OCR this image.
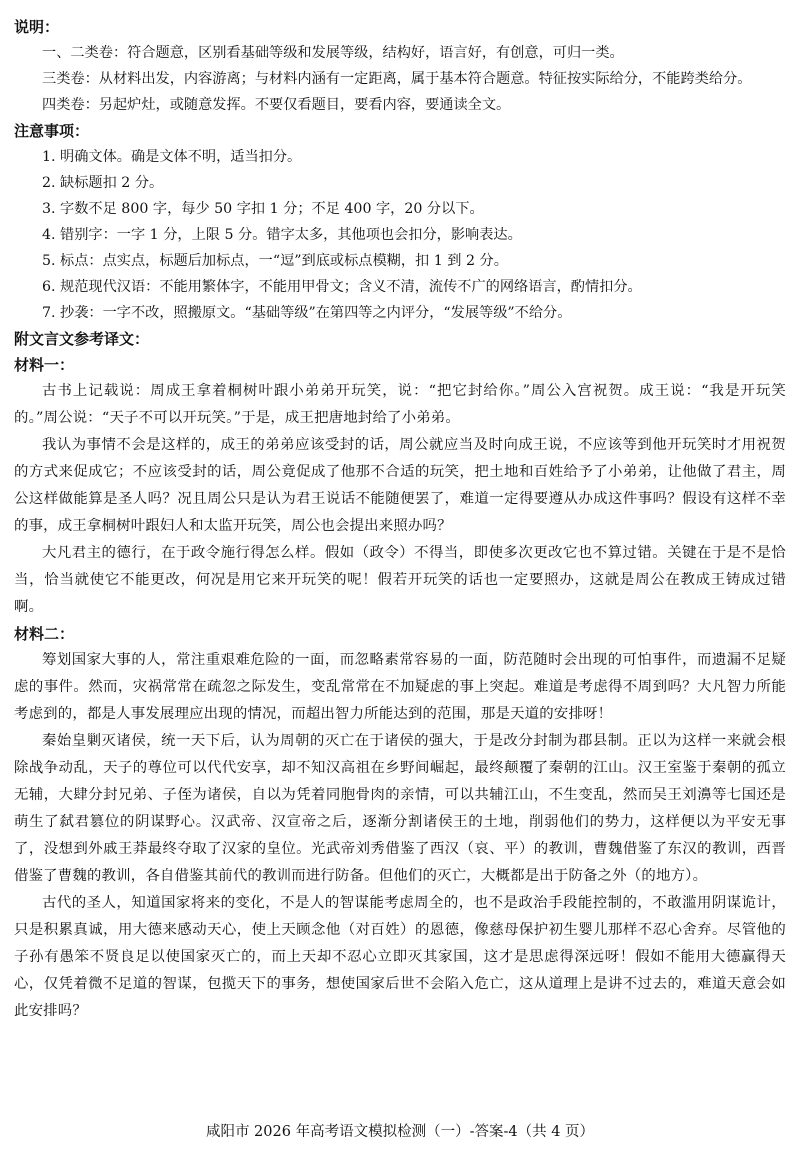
说明：

一、二类卷：符合题意，区别看基础等级和发展等级，结构好，语言好，有创意，可归一类。

三类卷：从材料出发，内容游离；与材料内涵有一定距离，属于基本符合题意。特征按实际给分，不能跨类给分。

四类卷：另起炉灶，或随意发挥。不要仅看题目，要看内容，要通读全文。

注意事项：

1. 明确文体。确是文体不明，适当扣分。

2. 缺标题扣 2 分。

3. 字数不足 800 字，每少 50 字扣 1 分；不足 400 字，20 分以下。

4. 错别字：一字 1 分，上限 5 分。错字太多，其他项也会扣分，影响表达。

5. 标点：点实点，标题后加标点，一“逗”到底或标点模糊，扣 1 到 2 分。

6. 规范现代汉语：不能用繁体字，不能用甲骨文；含义不清，流传不广的网络语言，酌情扣分。

7. 抄袭：一字不改，照搬原文。“基础等级”在第四等之内评分，“发展等级”不给分。

附文言文参考译文：

材料一：

古书上记载说：周成王拿着桐树叶跟小弟弟开玩笑，说：“把它封给你。”周公入宫祝贺。成王说：“我是开玩笑的。”周公说：“天子不可以开玩笑。”于是，成王把唐地封给了小弟弟。

我认为事情不会是这样的，成王的弟弟应该受封的话，周公就应当及时向成王说，不应该等到他开玩笑时才用祝贺的方式来促成它；不应该受封的话，周公竟促成了他那不合适的玩笑，把土地和百姓给予了小弟弟，让他做了君主，周公这样做能算是圣人吗？况且周公只是认为君王说话不能随便罢了，难道一定得要遵从办成这件事吗？假设有这样不幸的事，成王拿桐树叶跟妇人和太监开玩笑，周公也会提出来照办吗？

大凡君主的德行，在于政令施行得怎么样。假如（政令）不得当，即使多次更改它也不算过错。关键在于是不是恰当，恰当就使它不能更改，何况是用它来开玩笑的呢！假若开玩笑的话也一定要照办，这就是周公在教成王铸成过错啊。

材料二：

筹划国家大事的人，常注重艰难危险的一面，而忽略素常容易的一面，防范随时会出现的可怕事件，而遗漏不足疑虑的事件。然而，灾祸常常在疏忽之际发生，变乱常常在不加疑虑的事上突起。难道是考虑得不周到吗？大凡智力所能考虑到的，都是人事发展理应出现的情况，而超出智力所能达到的范围，那是天道的安排呀！

秦始皇剿灭诸侯，统一天下后，认为周朝的灭亡在于诸侯的强大，于是改分封制为郡县制。正以为这样一来就会根除战争动乱，天子的尊位可以代代安享，却不知汉高祖在乡野间崛起，最终颠覆了秦朝的江山。汉王室鉴于秦朝的孤立无辅，大肆分封兄弟、子侄为诸侯，自以为凭着同胞骨肉的亲情，可以共辅江山，不生变乱，然而吴王刘濞等七国还是萌生了弑君篡位的阴谋野心。汉武帝、汉宣帝之后，逐渐分割诸侯王的土地，削弱他们的势力，这样便以为平安无事了，没想到外戚王莽最终夺取了汉家的皇位。光武帝刘秀借鉴了西汉（哀、平）的教训，曹魏借鉴了东汉的教训，西晋借鉴了曹魏的教训，各自借鉴其前代的教训而进行防备。但他们的灭亡，大概都是出于防备之外（的地方）。

古代的圣人，知道国家将来的变化，不是人的智谋能考虑周全的，也不是政治手段能控制的，不敢滥用阴谋诡计，只是积累真诚，用大德来感动天心，使上天顾念他（对百姓）的恩德，像慈母保护初生婴儿那样不忍心舍弃。尽管他的子孙有愚笨不贤良足以使国家灭亡的，而上天却不忍心立即灭其家国，这才是思虑得深远呀！假如不能用大德赢得天心，仅凭着微不足道的智谋，包揽天下的事务，想使国家后世不会陷入危亡，这从道理上是讲不过去的，难道天意会如此安排吗？

咸阳市 2026 年高考语文模拟检测（一）-答案-4（共 4 页）
